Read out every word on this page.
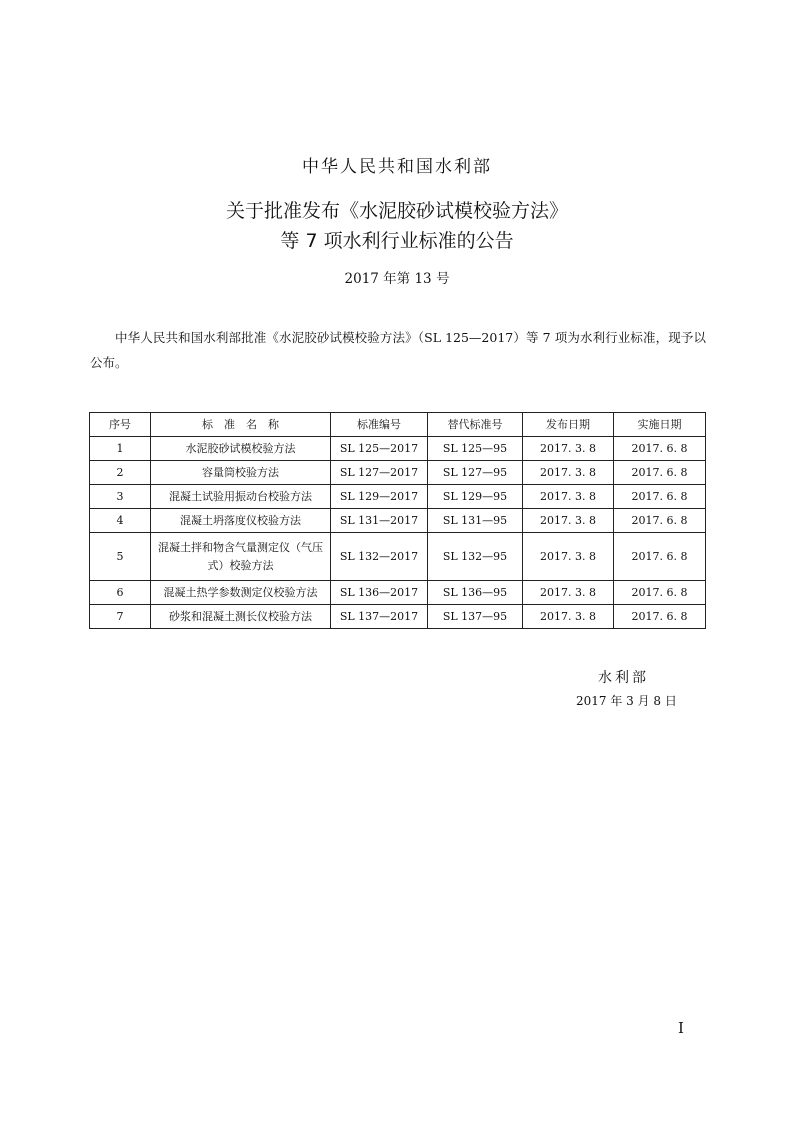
中华人民共和国水利部
关于批准发布《水泥胶砂试模校验方法》
等 7 项水利行业标准的公告
2017 年第 13 号
中华人民共和国水利部批准《水泥胶砂试模校验方法》（SL 125—2017）等 7 项为水利行业标准，现予以公布。
序号	标　准　名　称	标准编号	替代标准号	发布日期	实施日期
1	水泥胶砂试模校验方法	SL 125—2017	SL 125—95	2017. 3. 8	2017. 6. 8
2	容量筒校验方法	SL 127—2017	SL 127—95	2017. 3. 8	2017. 6. 8
3	混凝土试验用振动台校验方法	SL 129—2017	SL 129—95	2017. 3. 8	2017. 6. 8
4	混凝土坍落度仪校验方法	SL 131—2017	SL 131—95	2017. 3. 8	2017. 6. 8
5	混凝土拌和物含气量测定仪（气压式）校验方法	SL 132—2017	SL 132—95	2017. 3. 8	2017. 6. 8
6	混凝土热学参数测定仪校验方法	SL 136—2017	SL 136—95	2017. 3. 8	2017. 6. 8
7	砂浆和混凝土测长仪校验方法	SL 137—2017	SL 137—95	2017. 3. 8	2017. 6. 8
水利部
2017 年 3 月 8 日
Ⅰ
